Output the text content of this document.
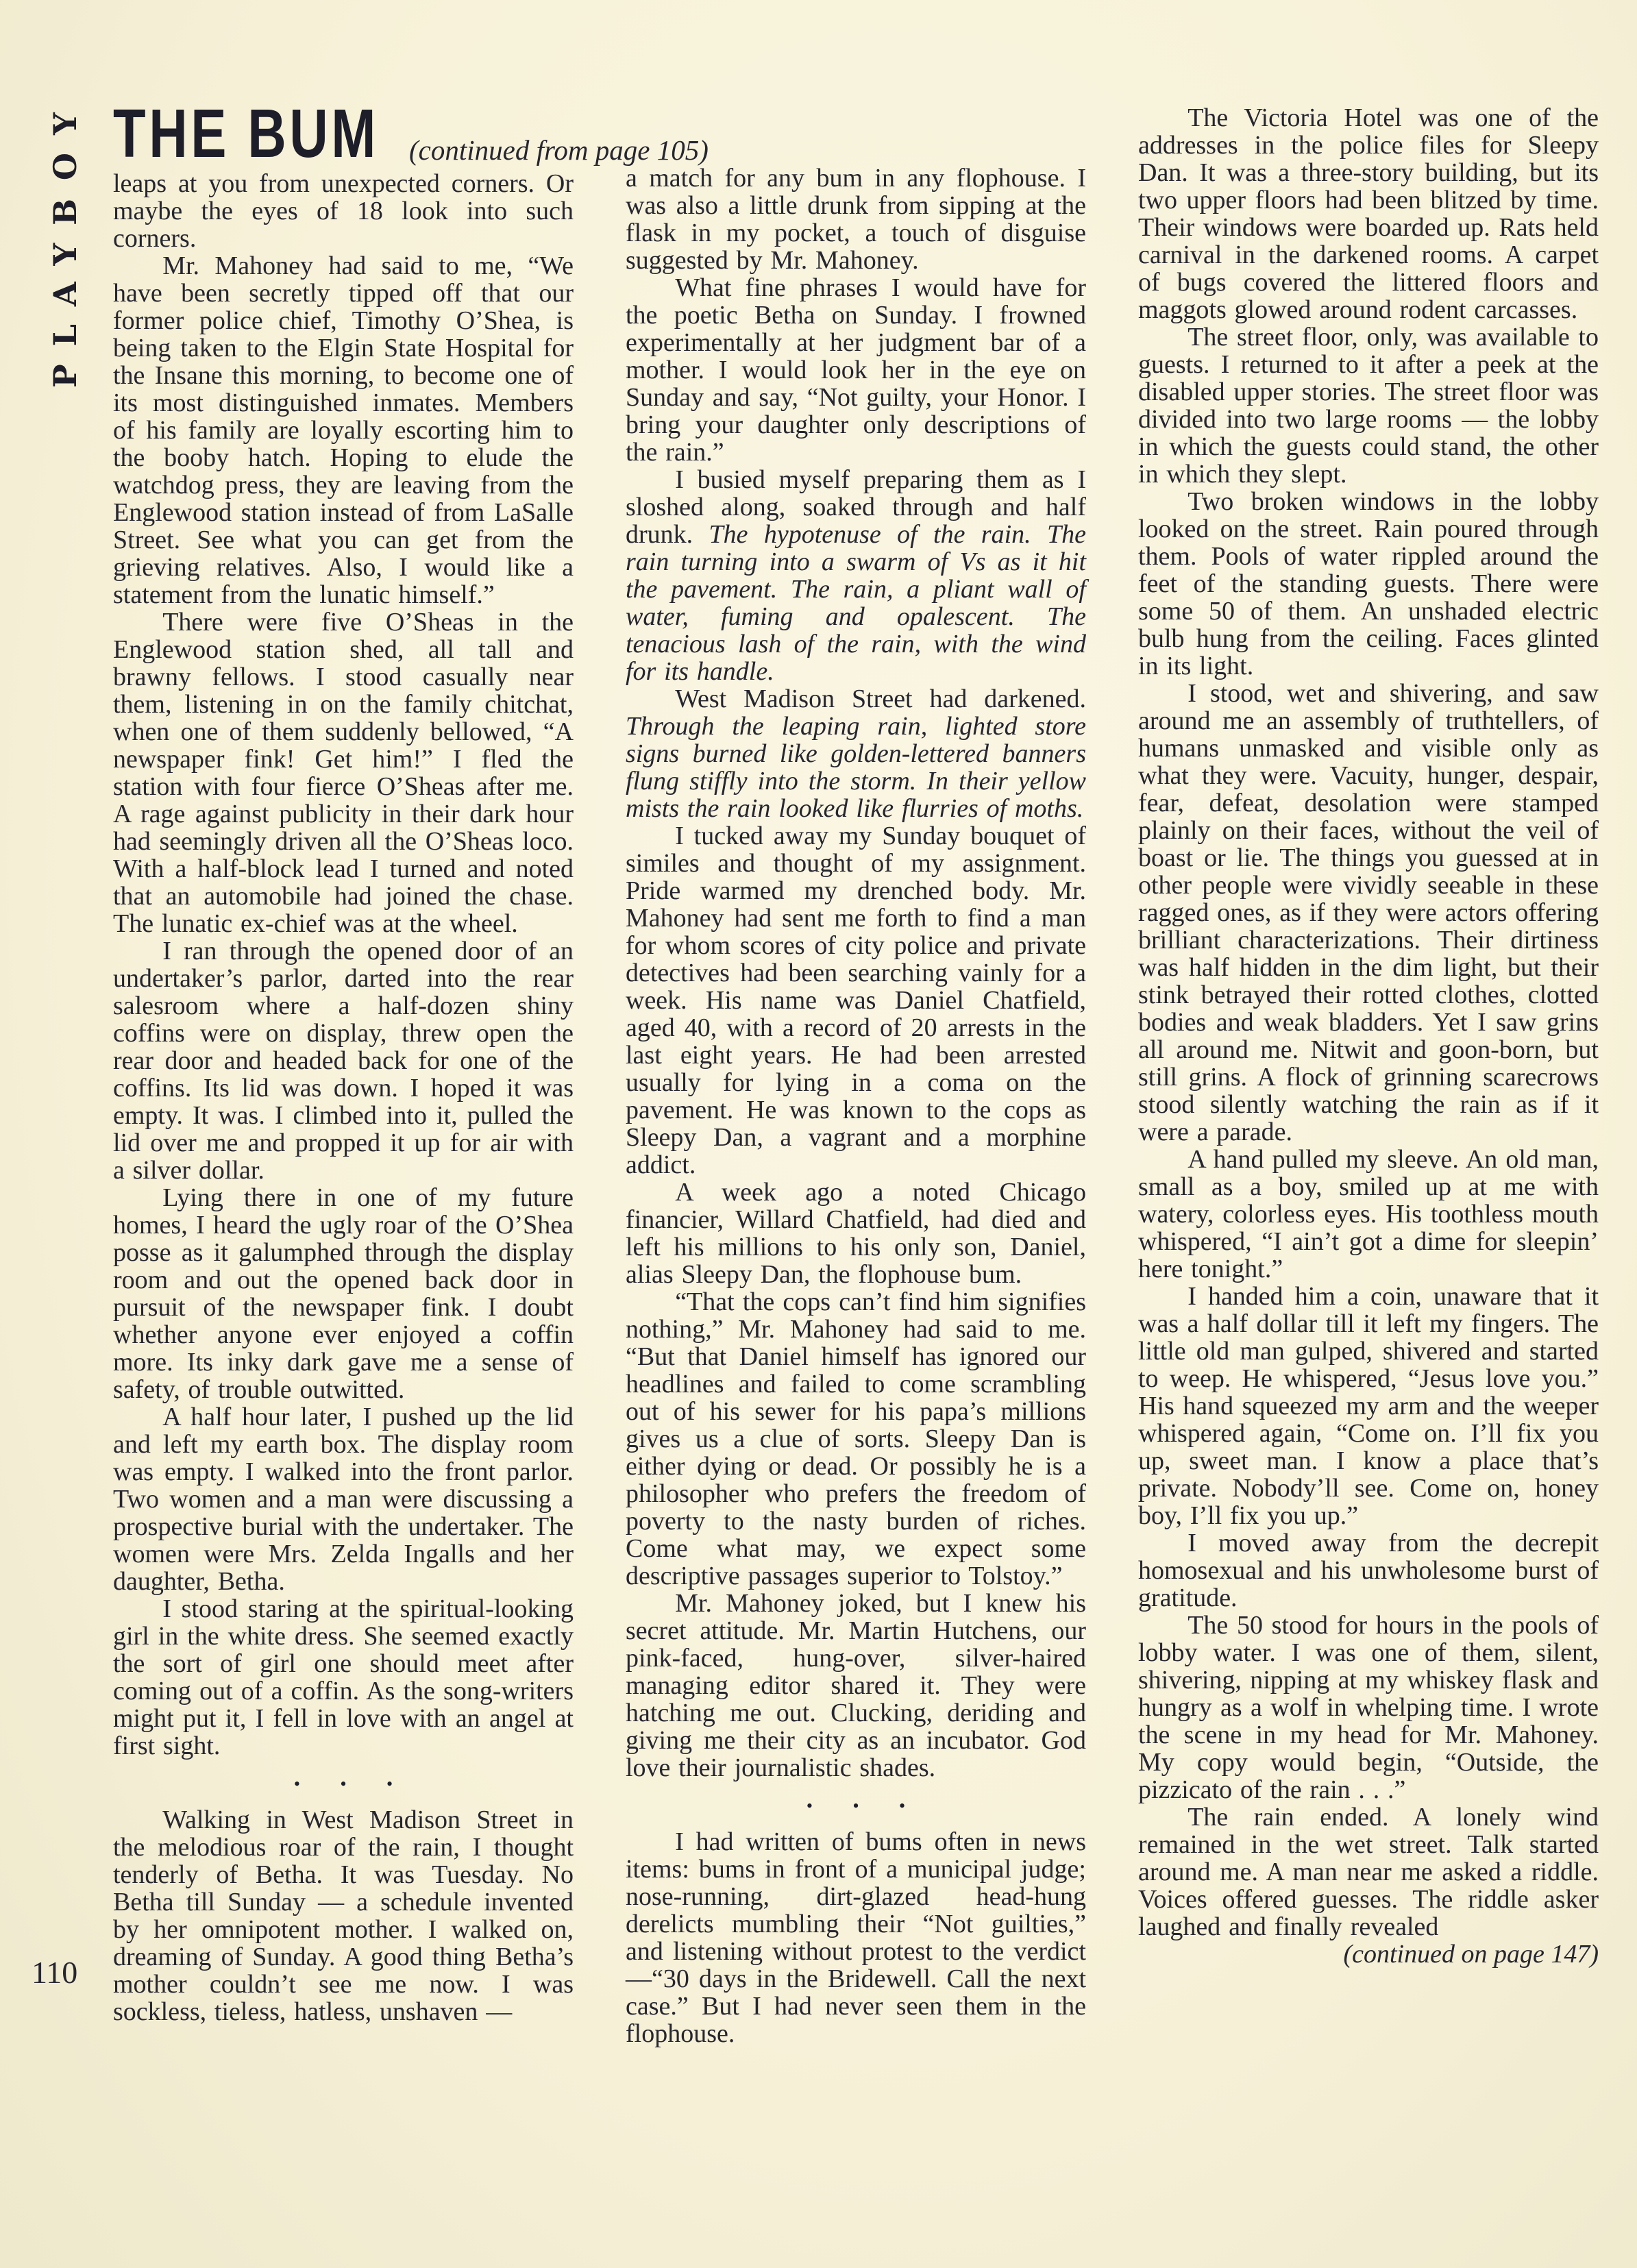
PLAYBOY THE BUM (continued from page 105)

leaps at you from unexpected corners. Or maybe the eyes of 18 look into such corners.

Mr. Mahoney had said to me, “We have been secretly tipped off that our former police chief, Timothy O’Shea, is being taken to the Elgin State Hospital for the Insane this morning, to become one of its most distinguished inmates. Members of his family are loyally escorting him to the booby hatch. Hoping to elude the watchdog press, they are leaving from the Englewood station instead of from LaSalle Street. See what you can get from the grieving relatives. Also, I would like a statement from the lunatic himself.”

There were five O’Sheas in the Englewood station shed, all tall and brawny fellows. I stood casually near them, listening in on the family chitchat, when one of them suddenly bellowed, “A newspaper fink! Get him!” I fled the station with four fierce O’Sheas after me. A rage against publicity in their dark hour had seemingly driven all the O’Sheas loco. With a half-block lead I turned and noted that an automobile had joined the chase. The lunatic ex-chief was at the wheel.

I ran through the opened door of an undertaker’s parlor, darted into the rear salesroom where a half-dozen shiny coffins were on display, threw open the rear door and headed back for one of the coffins. Its lid was down. I hoped it was empty. It was. I climbed into it, pulled the lid over me and propped it up for air with a silver dollar.

Lying there in one of my future homes, I heard the ugly roar of the O’Shea posse as it galumphed through the display room and out the opened back door in pursuit of the newspaper fink. I doubt whether anyone ever enjoyed a coffin more. Its inky dark gave me a sense of safety, of trouble outwitted.

A half hour later, I pushed up the lid and left my earth box. The display room was empty. I walked into the front parlor. Two women and a man were discussing a prospective burial with the undertaker. The women were Mrs. Zelda Ingalls and her daughter, Betha.

I stood staring at the spiritual-looking girl in the white dress. She seemed exactly the sort of girl one should meet after coming out of a coffin. As the song-writers might put it, I fell in love with an angel at first sight.

• • •

Walking in West Madison Street in the melodious roar of the rain, I thought tenderly of Betha. It was Tuesday. No Betha till Sunday — a schedule invented by her omnipotent mother. I walked on, dreaming of Sunday. A good thing Betha’s mother couldn’t see me now. I was sockless, tieless, hatless, unshaven —

a match for any bum in any flophouse. I was also a little drunk from sipping at the flask in my pocket, a touch of disguise suggested by Mr. Mahoney.

What fine phrases I would have for the poetic Betha on Sunday. I frowned experimentally at her judgment bar of a mother. I would look her in the eye on Sunday and say, “Not guilty, your Honor. I bring your daughter only descriptions of the rain.”

I busied myself preparing them as I sloshed along, soaked through and half drunk. The hypotenuse of the rain. The rain turning into a swarm of Vs as it hit the pavement. The rain, a pliant wall of water, fuming and opalescent. The tenacious lash of the rain, with the wind for its handle.

West Madison Street had darkened. Through the leaping rain, lighted store signs burned like golden-lettered banners flung stiffly into the storm. In their yellow mists the rain looked like flurries of moths.

I tucked away my Sunday bouquet of similes and thought of my assignment. Pride warmed my drenched body. Mr. Mahoney had sent me forth to find a man for whom scores of city police and private detectives had been searching vainly for a week. His name was Daniel Chatfield, aged 40, with a record of 20 arrests in the last eight years. He had been arrested usually for lying in a coma on the pavement. He was known to the cops as Sleepy Dan, a vagrant and a morphine addict.

A week ago a noted Chicago financier, Willard Chatfield, had died and left his millions to his only son, Daniel, alias Sleepy Dan, the flophouse bum.

“That the cops can’t find him signifies nothing,” Mr. Mahoney had said to me. “But that Daniel himself has ignored our headlines and failed to come scrambling out of his sewer for his papa’s millions gives us a clue of sorts. Sleepy Dan is either dying or dead. Or possibly he is a philosopher who prefers the freedom of poverty to the nasty burden of riches. Come what may, we expect some descriptive passages superior to Tolstoy.”

Mr. Mahoney joked, but I knew his secret attitude. Mr. Martin Hutchens, our pink-faced, hung-over, silver-haired managing editor shared it. They were hatching me out. Clucking, deriding and giving me their city as an incubator. God love their journalistic shades.

• • •

I had written of bums often in news items: bums in front of a municipal judge; nose-running, dirt-glazed head-hung derelicts mumbling their “Not guilties,” and listening without protest to the verdict —“30 days in the Bridewell. Call the next case.” But I had never seen them in the flophouse.

The Victoria Hotel was one of the addresses in the police files for Sleepy Dan. It was a three-story building, but its two upper floors had been blitzed by time. Their windows were boarded up. Rats held carnival in the darkened rooms. A carpet of bugs covered the littered floors and maggots glowed around rodent carcasses.

The street floor, only, was available to guests. I returned to it after a peek at the disabled upper stories. The street floor was divided into two large rooms — the lobby in which the guests could stand, the other in which they slept.

Two broken windows in the lobby looked on the street. Rain poured through them. Pools of water rippled around the feet of the standing guests. There were some 50 of them. An unshaded electric bulb hung from the ceiling. Faces glinted in its light.

I stood, wet and shivering, and saw around me an assembly of truthtellers, of humans unmasked and visible only as what they were. Vacuity, hunger, despair, fear, defeat, desolation were stamped plainly on their faces, without the veil of boast or lie. The things you guessed at in other people were vividly seeable in these ragged ones, as if they were actors offering brilliant characterizations. Their dirtiness was half hidden in the dim light, but their stink betrayed their rotted clothes, clotted bodies and weak bladders. Yet I saw grins all around me. Nitwit and goon-born, but still grins. A flock of grinning scarecrows stood silently watching the rain as if it were a parade.

A hand pulled my sleeve. An old man, small as a boy, smiled up at me with watery, colorless eyes. His toothless mouth whispered, “I ain’t got a dime for sleepin’ here tonight.”

I handed him a coin, unaware that it was a half dollar till it left my fingers. The little old man gulped, shivered and started to weep. He whispered, “Jesus love you.” His hand squeezed my arm and the weeper whispered again, “Come on. I’ll fix you up, sweet man. I know a place that’s private. Nobody’ll see. Come on, honey boy, I’ll fix you up.”

I moved away from the decrepit homosexual and his unwholesome burst of gratitude.

The 50 stood for hours in the pools of lobby water. I was one of them, silent, shivering, nipping at my whiskey flask and hungry as a wolf in whelping time. I wrote the scene in my head for Mr. Mahoney. My copy would begin, “Outside, the pizzicato of the rain . . .”

The rain ended. A lonely wind remained in the wet street. Talk started around me. A man near me asked a riddle. Voices offered guesses. The riddle asker laughed and finally revealed

(continued on page 147)
110
